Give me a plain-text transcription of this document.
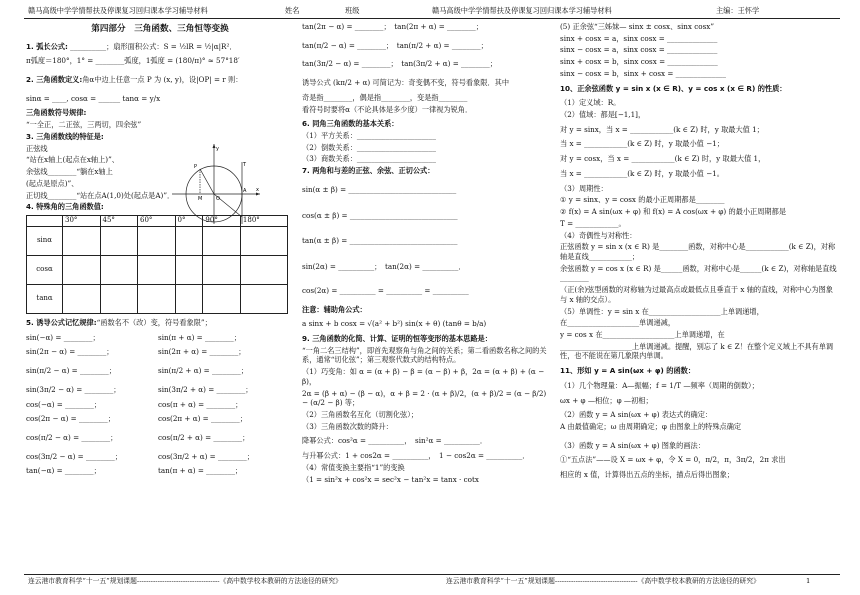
赣马高级中学学情帮扶及停课复习回归课本学习辅导材料	姓名	班级	赣马高级中学学情帮扶及停课复习回归课本学习辅导材料	主编：王怀学
第四部分　三角函数、三角恒等变换

1. 弧长公式: __________；扇形面积公式：S = ½lR = ½|α|R²．

π弧度＝180°，1° = ________弧度，1弧度 = (180/π)° ≈ 57°18′

2. 三角函数定义:角α中边上任意一点 P 为 (x, y)，设|OP| = r 则：

sinα = ____, cosα = ______ tanα = y/x

三角函数符号规律:

“一全正，二正弦，三两切，四余弦”

3. 三角函数线的特征是:

正弦线

“站在x轴上(起点在x轴上)”、

余弦线________“躺在x轴上

(起点是原点)”、

正切线________“站在点A(1,0)处(起点是A)”．

4. 特殊角的三角函数值:

	30°	45°	60°	0°	90°	180°
sinα						
cosα						
tanα						

5. 诱导公式记忆规律:“函数名不（改）变，符号看象限”；

sin(−α) = ________；	sin(π + α) = ________；

sin(2π − α) = ________；	sin(2π + α) = ________；

sin(π/2 − α) = ________；	sin(π/2 + α) = ________；

sin(3π/2 − α) = ________；	sin(3π/2 + α) = ________；

cos(−α) = ________；	cos(π + α) = ________；

cos(2π − α) = ________；	cos(2π + α) = ________；

cos(π/2 − α) = ________；	cos(π/2 + α) = ________；

cos(3π/2 − α) = ________；	cos(3π/2 + α) = ________；

tan(−α) = ________；	tan(π + α) = ________；

y
x
O
M
P
A
T

tan(2π − α) = ________；　tan(2π + α) = ________；

tan(π/2 − α) = ________；　tan(π/2 + α) = ________；

tan(3π/2 − α) = ________；　tan(3π/2 + α) = ________；

诱导公式 (kπ/2 + α) 可简记为：奇变偶不变，符号看象限．其中

奇是指________，偶是指________，变是指________

看符号时要将α（不论具体是多少度）一律视为锐角．

6. 同角三角函数的基本关系：

（1）平方关系：______________________

（2）倒数关系：______________________

（3）商数关系：______________________

7. 两角和与差的正弦、余弦、正切公式：

sin(α ± β) = ______________________________

cos(α ± β) = ______________________________

tan(α ± β) = ______________________________

sin(2α) = __________；　tan(2α) = __________．

cos(2α) = __________ = __________ = __________

注意：辅助角公式：

a sinx + b cosx = √(a² + b²) sin(x + θ) (tanθ = b/a)

9. 三角函数的化简、计算、证明的恒等变形的基本思路是：

“一角二名三结构”，即首先观察角与角之间的关系；第二看函数名称之间的关系，通常“切化弦”；第三观察代数式的结构特点。

（1）巧变角：如 α = (α + β) − β = (α − β) + β，2α = (α + β) + (α − β)，

2α = (β + α) − (β − α)，α + β = 2 · (α + β)/2，(α + β)/2 = (α − β/2) − (α/2 − β) 等；

（2）三角函数名互化（切割化弦）；

（3）三角函数次数的降升：

降幂公式：cos²α = __________，　sin²α = __________．

与升幂公式：1 + cos2α = __________，　1 − cos2α = __________．

（4）常值变换主要指“1”的变换

（1 = sin²x + cos²x = sec²x − tan²x = tanx · cotx

(5) 正余弦“三姊妹— sinx ± cosx、sinx cosx”

sinx + cosx = a，sinx cosx = ______________

sinx − cosx = a，sinx cosx = ______________

sinx + cosx = b，sinx cosx = ______________

sinx − cosx = b，sinx + cosx = ______________

10、正余弦函数 y = sin x (x ∈ R)、y = cos x (x ∈ R) 的性质：

（1）定义域：R。

（2）值域：都是[−1,1]，

对 y = sinx，当 x = ____________(k ∈ Z) 时，y 取最大值 1；

当 x = ____________(k ∈ Z) 时，y 取最小值 −1；

对 y = cosx，当 x = ____________(k ∈ Z) 时，y 取最大值 1，

当 x = ____________(k ∈ Z) 时，y 取最小值 −1。

（3）周期性：

① y = sinx、y = cosx 的最小正周期都是________

② f(x) = A sin(ωx + φ) 和 f(x) = A cos(ωx + φ) 的最小正周期都是

T = ____________。

（4）奇偶性与对称性：

正弦函数 y = sin x (x ∈ R) 是________函数，对称中心是____________(k ∈ Z)，对称轴是直线____________；

余弦函数 y = cos x (x ∈ R) 是______函数，对称中心是______(k ∈ Z)，对称轴是直线________

（正(余)弦型函数的对称轴为过最高点或最低点且垂直于 x 轴的直线，对称中心为图象与 x 轴的交点）。

（5）单调性：y = sin x 在____________________上单调递增，

在____________________单调递减，

y = cos x 在____________________上单调递增，在

____________________上单调递减。提醒，别忘了 k ∈ Z！在整个定义域上不具有单调性，也不能说在第几象限内单调。

11、形如 y = A sin(ωx + φ) 的函数：

（1）几个物理量：A—振幅；f = 1/T —频率（周期的倒数）；

ωx + φ —相位；φ —初相；

（2）函数 y = A sin(ωx + φ) 表达式的确定：

A 由最值确定；ω 由周期确定；φ 由图象上的特殊点确定

（3）函数 y = A sin(ωx + φ) 图象的画法：

①“五点法”——设 X = ωx + φ，令 X = 0，π/2，π，3π/2，2π 求出

相应的 x 值，计算得出五点的坐标，描点后得出图象；

连云港市教育科学“十一五”规划课题------------------------------------《高中数学校本教研的方法途径的研究》	连云港市教育科学“十一五”规划课题------------------------------------《高中数学校本教研的方法途径的研究》	1
